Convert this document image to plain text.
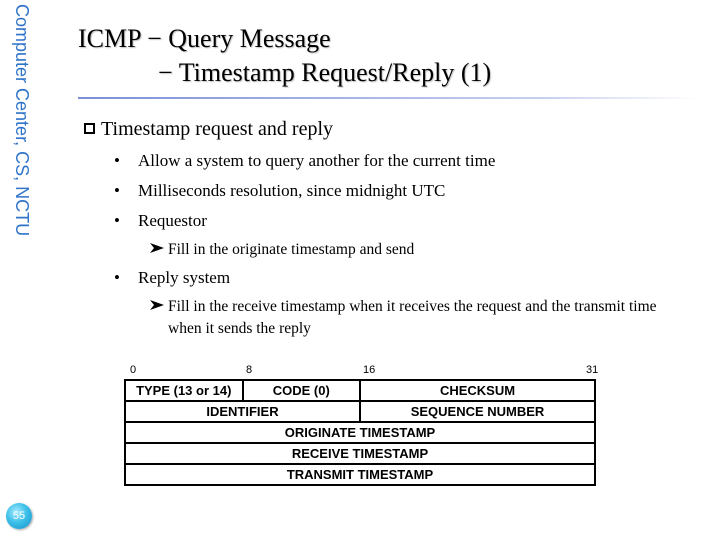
Computer Center, CS, NCTU
55
ICMP − Query Message
− Timestamp Request/Reply (1)
Timestamp request and reply
• Allow a system to query another for the current time
• Milliseconds resolution, since midnight UTC
• Requestor
Fill in the originate timestamp and send
• Reply system
Fill in the receive timestamp when it receives the request and the transmit time when it sends the reply
0	8	16	31
TYPE (13 or 14)	CODE (0)	CHECKSUM
IDENTIFIER		SEQUENCE NUMBER
ORIGINATE TIMESTAMP		
RECEIVE TIMESTAMP		
TRANSMIT TIMESTAMP		
